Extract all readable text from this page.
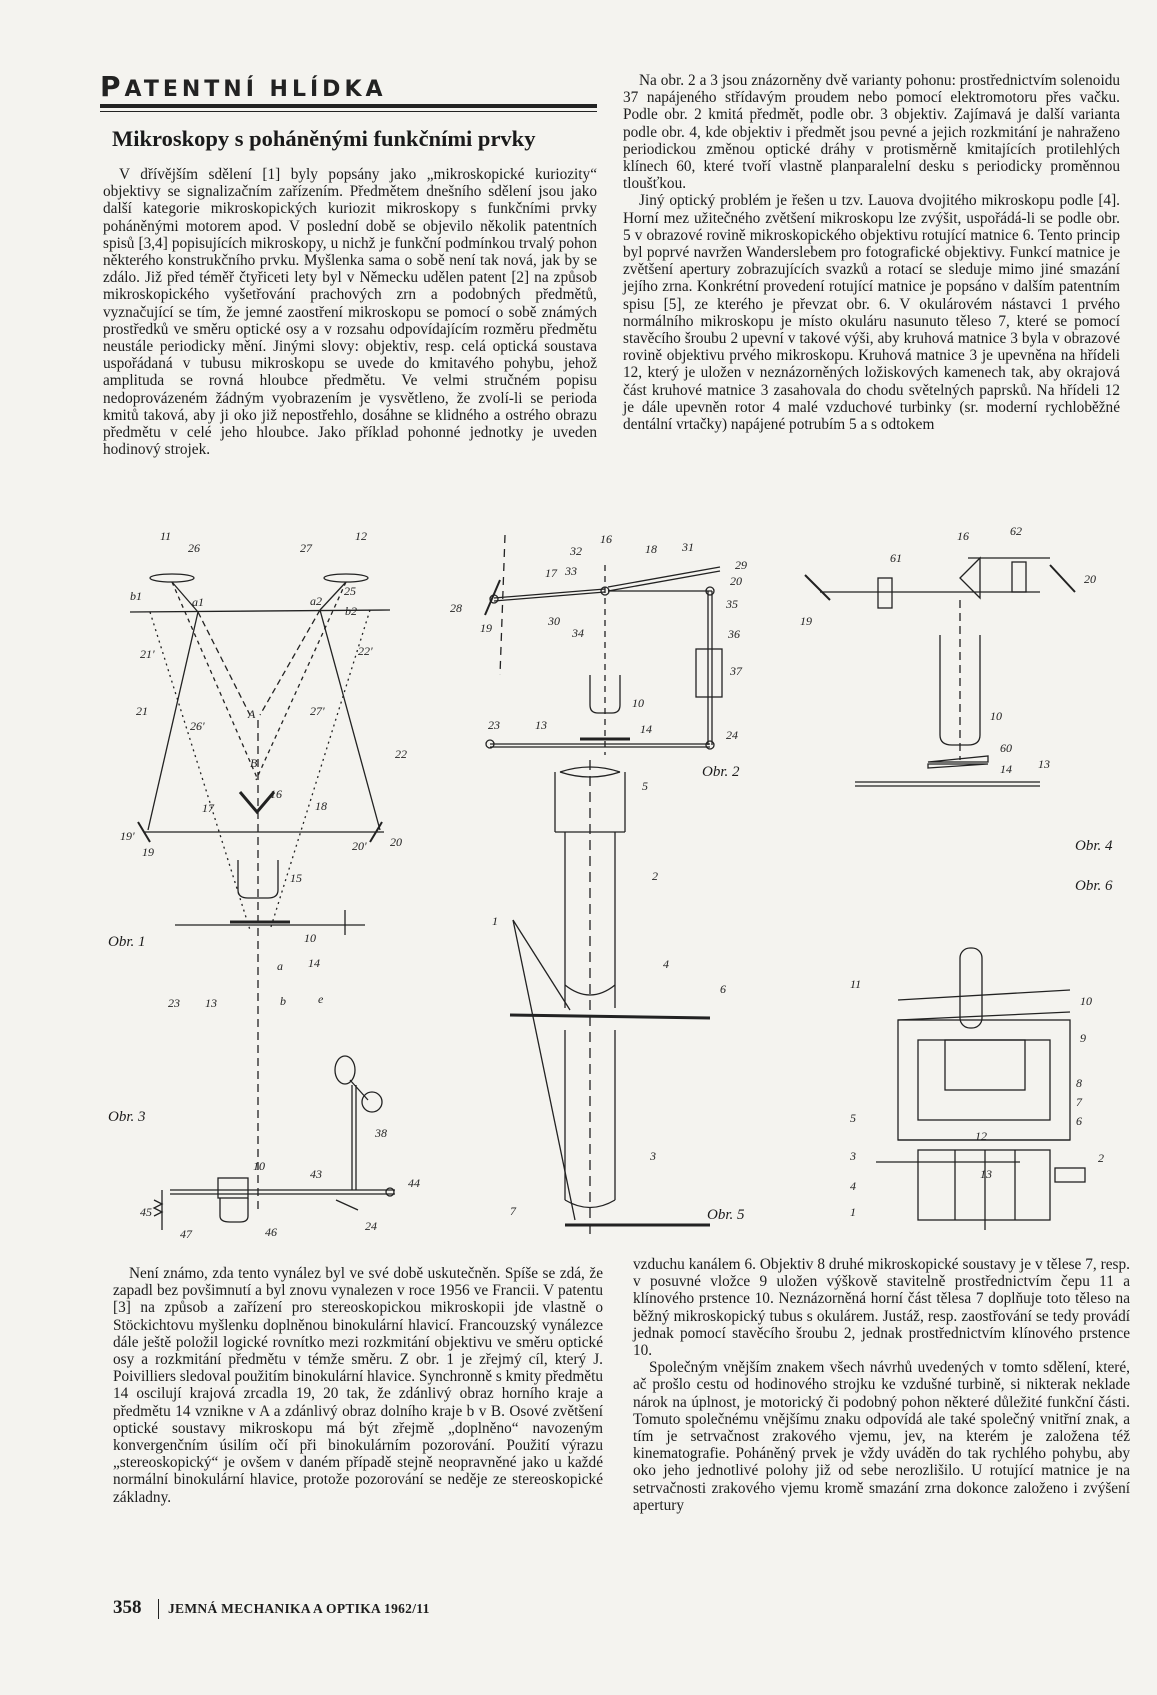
PATENTNÍ HLÍDKA
Mikroskopy s poháněnými funkčními prvky

V dřívějším sdělení [1] byly popsány jako „mikroskopické kuriozity“ objektivy se signalizačním zařízením. Předmětem dnešního sdělení jsou jako další kategorie mikroskopických kuriozit mikroskopy s funkčními prvky poháněnými motorem apod. V poslední době se objevilo několik patentních spisů [3,4] popisujících mikroskopy, u nichž je funkční podmínkou trvalý pohon některého konstrukčního prvku. Myšlenka sama o sobě není tak nová, jak by se zdálo. Již před téměř čtyřiceti lety byl v Německu udělen patent [2] na způsob mikroskopického vyšetřování prachových zrn a podobných předmětů, vyznačující se tím, že jemné zaostření mikroskopu se pomocí o sobě známých prostředků ve směru optické osy a v rozsahu odpovídajícím rozměru předmětu neustále periodicky mění. Jinými slovy: objektiv, resp. celá optická soustava uspořádaná v tubusu mikroskopu se uvede do kmitavého pohybu, jehož amplituda se rovná hloubce předmětu. Ve velmi stručném popisu nedoprovázeném žádným vyobrazením je vysvětleno, že zvolí-li se perioda kmitů taková, aby ji oko již nepostřehlo, dosáhne se klidného a ostrého obrazu předmětu v celé jeho hloubce. Jako příklad pohonné jednotky je uveden hodinový strojek.

Na obr. 2 a 3 jsou znázorněny dvě varianty pohonu: prostřednictvím solenoidu 37 napájeného střídavým proudem nebo pomocí elektromotoru přes vačku. Podle obr. 2 kmitá předmět, podle obr. 3 objektiv. Zajímavá je další varianta podle obr. 4, kde objektiv i předmět jsou pevné a jejich rozkmitání je nahraženo periodickou změnou optické dráhy v protisměrně kmitajících protilehlých klínech 60, které tvoří vlastně planparalelní desku s periodicky proměnnou tloušťkou.

Jiný optický problém je řešen u tzv. Lauova dvojitého mikroskopu podle [4]. Horní mez užitečného zvětšení mikroskopu lze zvýšit, uspořádá-li se podle obr. 5 v obrazové rovině mikroskopického objektivu rotující matnice 6. Tento princip byl poprvé navržen Wanderslebem pro fotografické objektivy. Funkcí matnice je zvětšení apertury zobrazujících svazků a rotací se sleduje mimo jiné smazání jejího zrna. Konkrétní provedení rotující matnice je popsáno v dalším patentním spisu [5], ze kterého je převzat obr. 6. V okulárovém nástavci 1 prvého normálního mikroskopu je místo okuláru nasunuto těleso 7, které se pomocí stavěcího šroubu 2 upevní v takové výši, aby kruhová matnice 3 byla v obrazové rovině objektivu prvého mikroskopu. Kruhová matnice 3 je upevněna na hřídeli 12, který je uložen v neznázorněných ložiskových kamenech tak, aby okrajová část kruhové matnice 3 zasahovala do chodu světelných paprsků. Na hřídeli 12 je dále upevněn rotor 4 malé vzduchové turbinky (sr. moderní rychloběžné dentální vrtačky) napájené potrubím 5 a s odtokem

Není známo, zda tento vynález byl ve své době uskutečněn. Spíše se zdá, že zapadl bez povšimnutí a byl znovu vynalezen v roce 1956 ve Francii. V patentu [3] na způsob a zařízení pro stereoskopickou mikroskopii jde vlastně o Stöckichtovu myšlenku doplněnou binokulární hlavicí. Francouzský vynálezce dále ještě položil logické rovnítko mezi rozkmitání objektivu ve směru optické osy a rozkmitání předmětu v témže směru. Z obr. 1 je zřejmý cíl, který J. Poivilliers sledoval použitím binokulární hlavice. Synchronně s kmity předmětu 14 oscilují krajová zrcadla 19, 20 tak, že zdánlivý obraz horního kraje a předmětu 14 vznikne v A a zdánlivý obraz dolního kraje b v B. Osové zvětšení optické soustavy mikroskopu má být zřejmě „doplněno“ navozeným konvergenčním úsilím očí při binokulárním pozorování. Použití výrazu „stereoskopický“ je ovšem v daném případě stejně neopravněné jako u každé normální binokulární hlavice, protože pozorování se neděje ze stereoskopické základny.

vzduchu kanálem 6. Objektiv 8 druhé mikroskopické soustavy je v tělese 7, resp. v posuvné vložce 9 uložen výškově stavitelně prostřednictvím čepu 11 a klínového prstence 10. Neznázorněná horní část tělesa 7 doplňuje toto těleso na běžný mikroskopický tubus s okulárem. Justáž, resp. zaostřování se tedy provádí jednak pomocí stavěcího šroubu 2, jednak prostřednictvím klínového prstence 10.

Společným vnějším znakem všech návrhů uvedených v tomto sdělení, které, ač prošlo cestu od hodinového strojku ke vzdušné turbině, si nikterak neklade nárok na úplnost, je motorický či podobný pohon některé důležité funkční části. Tomuto společnému vnějšímu znaku odpovídá ale také společný vnitřní znak, a tím je setrvačnost zrakového vjemu, jev, na kterém je založena též kinematografie. Poháněný prvek je vždy uváděn do tak rychlého pohybu, aby oko jeho jednotlivé polohy již od sebe nerozlišilo. U rotující matnice je na setrvačnosti zrakového vjemu kromě smazání zrna dokonce založeno i zvýšení apertury

11	12
26	27
b1	a1	a2
25
b2
21'	22'
21
26'
27'
A
22
B
16
17	18
19'
19	20' 20
15
10
a 14
23 13	b	e
Obr. 1
16
32	18 31
17 33	29
28
20
35
19	30
34	36
37
10
23	13	14	24
Obr. 2
38
10
43
44
45
47	46	24
Obr. 3
16	62
61
20
19
10
60
14 13
Obr. 4
5
2
1
4
6
3
7	Obr. 5
11
10
9
8
7
6
5
12
3	2
4
13
1
Obr. 6
358 JEMNÁ MECHANIKA A OPTIKA 1962/11
